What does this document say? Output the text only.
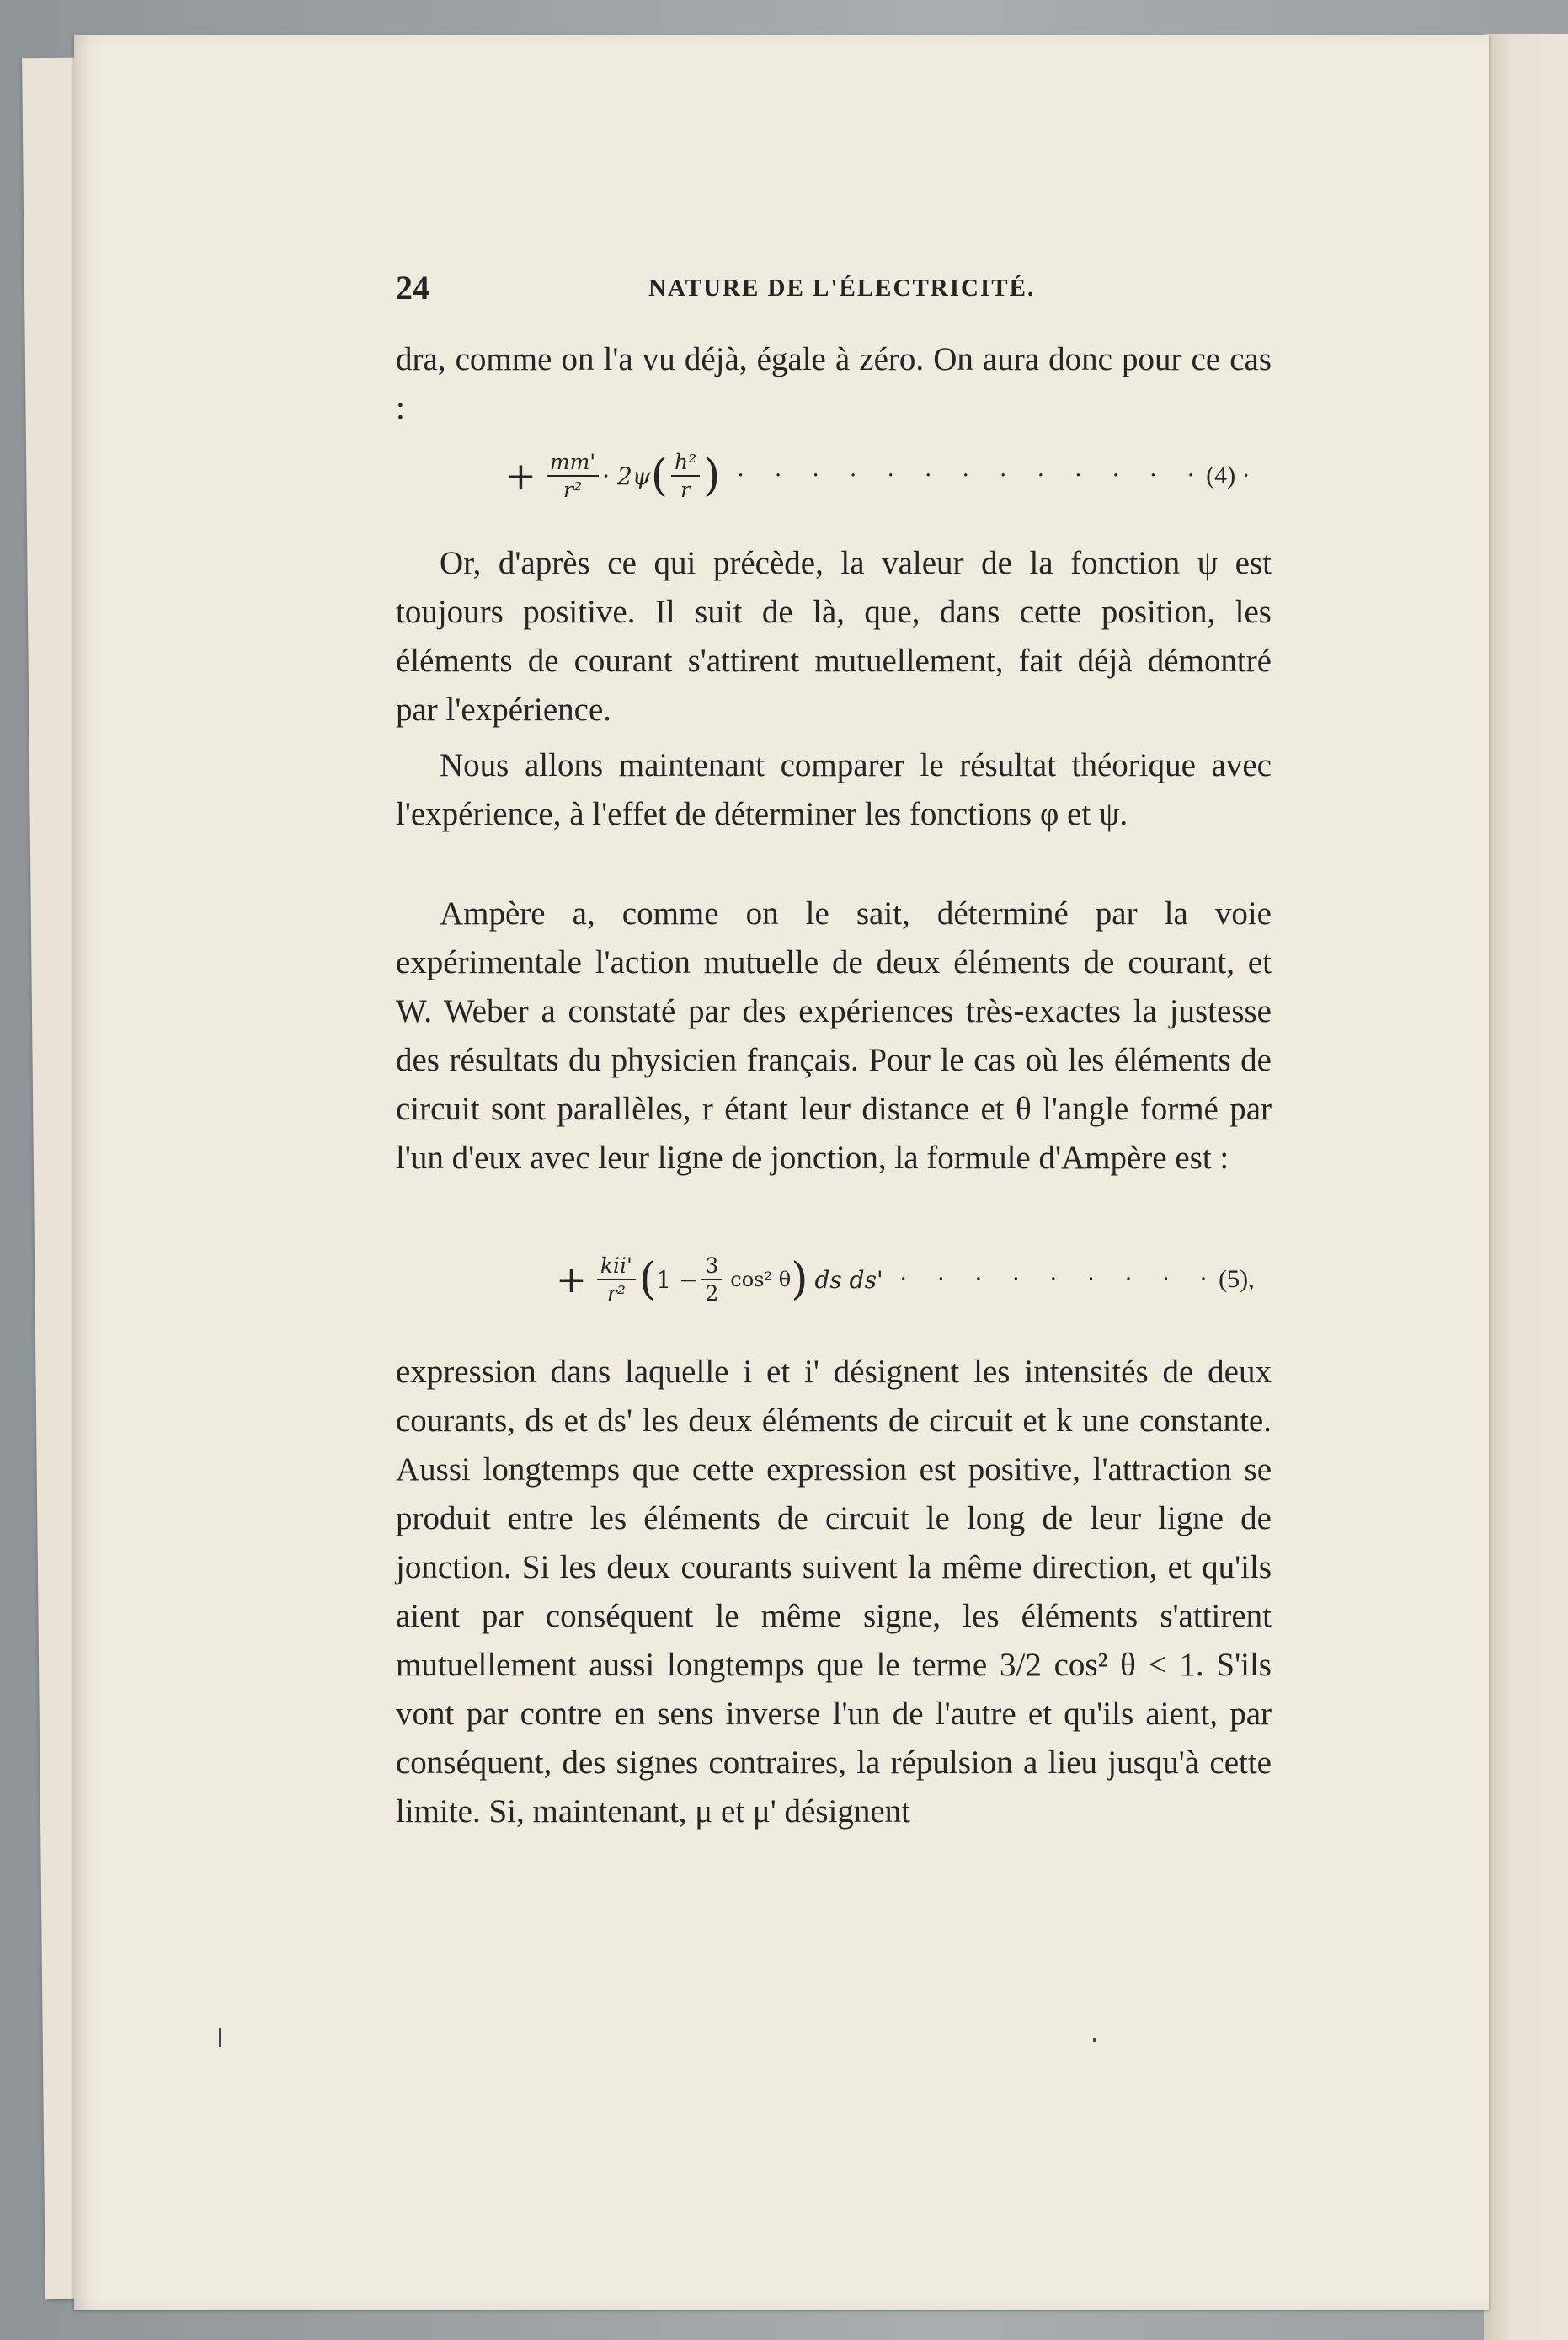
24	NATURE DE L'ÉLECTRICITÉ.

dra, comme on l'a vu déjà, égale à zéro. On aura donc pour ce cas :

+ $\frac{mm'}{\text{r²}} \cdot 2\psi$ ( $\frac{\text{h²}}{r}$ ) · · · · · · · · · · · · · (4) ·

Or, d'après ce qui précède, la valeur de la fonction ψ est toujours positive. Il suit de là, que, dans cette position, les éléments de courant s'attirent mutuellement, fait déjà démontré par l'expérience.

Nous allons maintenant comparer le résultat théorique avec l'expérience, à l'effet de déterminer les fonctions φ et ψ.

Ampère a, comme on le sait, déterminé par la voie expérimentale l'action mutuelle de deux éléments de courant, et W. Weber a constaté par des expériences très-exactes la justesse des résultats du physicien français. Pour le cas où les éléments de circuit sont parallèles, r étant leur distance et θ l'angle formé par l'un d'eux avec leur ligne de jonction, la formule d'Ampère est :

+ $\frac{\text{kii'}}{\text{r²}}$ ( $1 - \frac{3}{2} \cos^2$ θ ) ds ds' · · · · · · · · · (5),

expression dans laquelle i et i' désignent les intensités de deux courants, ds et ds' les deux éléments de circuit et k une constante. Aussi longtemps que cette expression est positive, l'attraction se produit entre les éléments de circuit le long de leur ligne de jonction. Si les deux courants suivent la même direction, et qu'ils aient par conséquent le même signe, les éléments s'attirent mutuellement aussi longtemps que le terme 3/2 cos² θ < 1. S'ils vont par contre en sens inverse l'un de l'autre et qu'ils aient, par conséquent, des signes contraires, la répulsion a lieu jusqu'à cette limite. Si, maintenant, μ et μ' désignent
